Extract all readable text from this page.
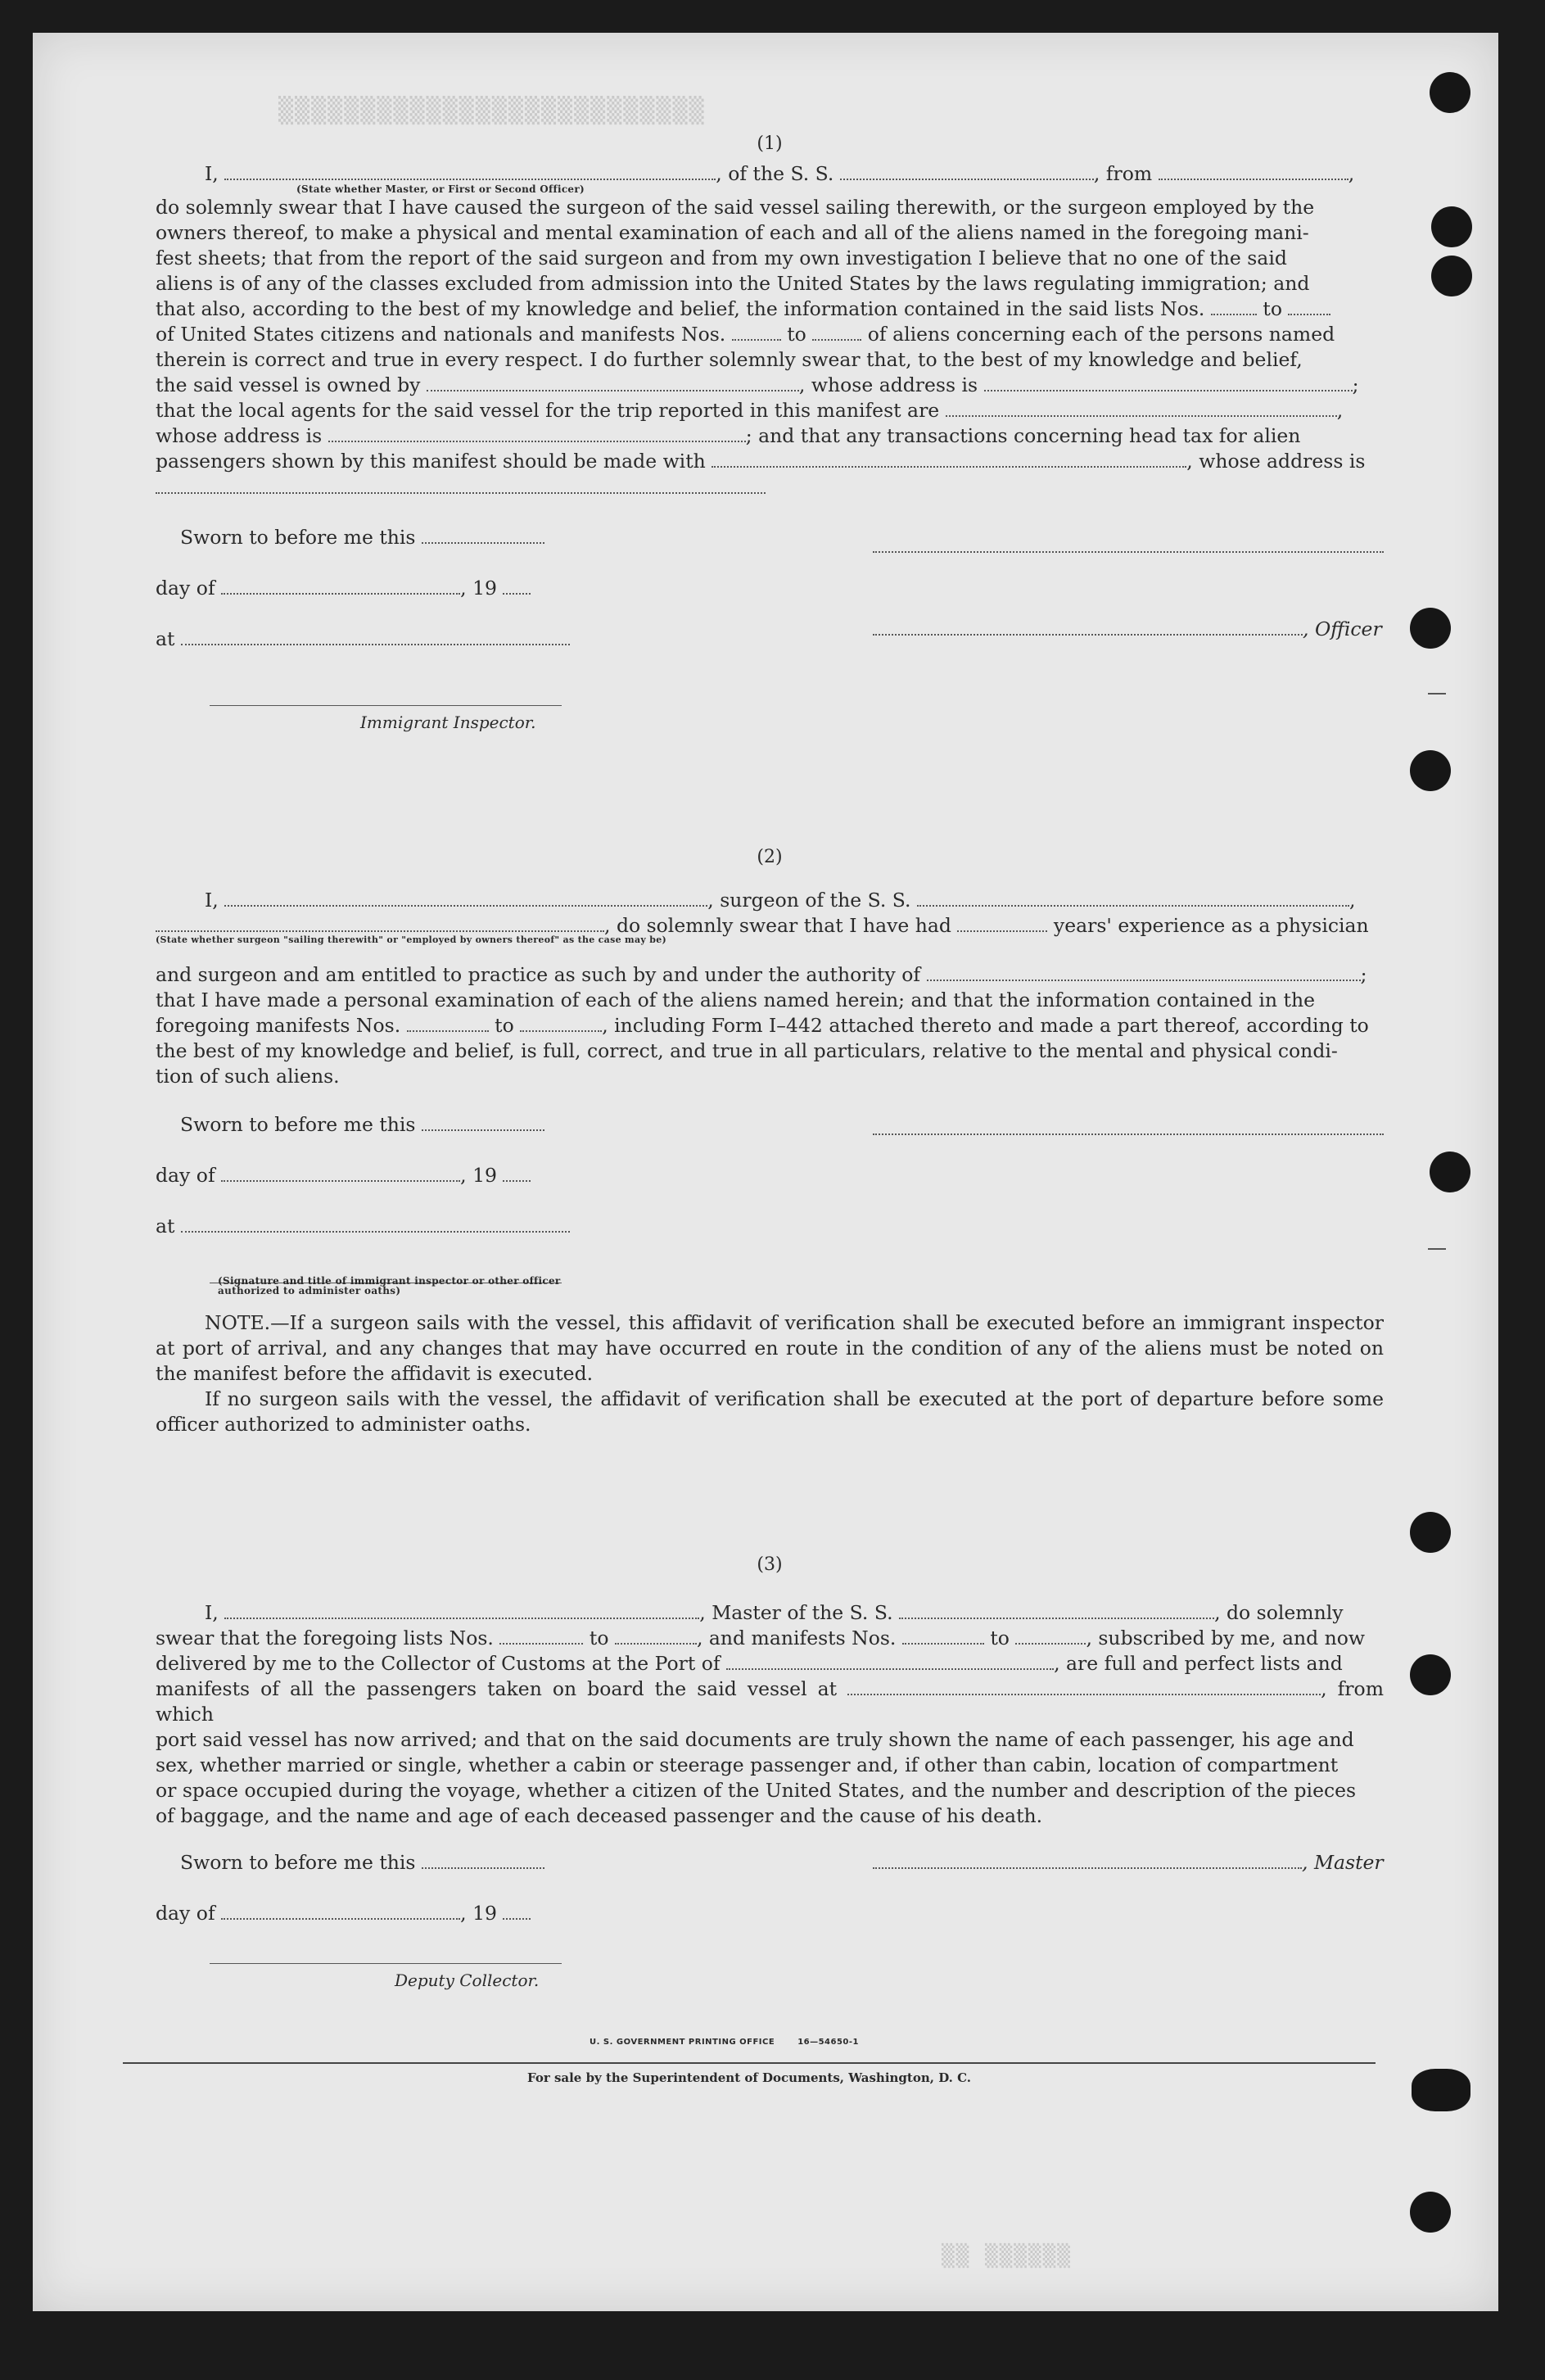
▒▒▒▒▒▒▒▒▒▒▒▒▒▒▒▒▒▒▒▒▒▒▒▒▒▒

(1)

I,	, of the S. S.	, from	,
(State whether Master, or First or Second Officer)

do solemnly swear that I have caused the surgeon of the said vessel sailing therewith, or the surgeon employed by the

owners thereof, to make a physical and mental examination of each and all of the aliens named in the foregoing mani-

fest sheets; that from the report of the said surgeon and from my own investigation I believe that no one of the said

aliens is of any of the classes excluded from admission into the United States by the laws regulating immigration; and

that also, according to the best of my knowledge and belief, the information contained in the said lists Nos.	to

of United States citizens and nationals and manifests Nos.	to	of aliens concerning each of the persons named

therein is correct and true in every respect. I do further solemnly swear that, to the best of my knowledge and belief,

the said vessel is owned by	, whose address is	;

that the local agents for the said vessel for the trip reported in this manifest are	,

whose address is	; and that any transactions concerning head tax for alien

passengers shown by this manifest should be made with	, whose address is

Sworn to before me this
day of	, 19
at
Immigrant Inspector.
, Officer

(2)

I,	, surgeon of the S. S.	,
, do solemnly swear that I have had	years' experience as a physician
(State whether surgeon "sailing therewith" or "employed by owners thereof" as the case may be)

and surgeon and am entitled to practice as such by and under the authority of	;

that I have made a personal examination of each of the aliens named herein; and that the information contained in the

foregoing manifests Nos.	to	, including Form I–442 attached thereto and made a part thereof, according to

the best of my knowledge and belief, is full, correct, and true in all particulars, relative to the mental and physical condi-

tion of such aliens.

Sworn to before me this
day of	, 19
at
(Signature and title of immigrant inspector or other officer authorized to administer oaths)

NOTE.—If a surgeon sails with the vessel, this affidavit of verification shall be executed before an immigrant inspector at port of arrival, and any changes that may have occurred en route in the condition of any of the aliens must be noted on the manifest before the affidavit is executed.

If no surgeon sails with the vessel, the affidavit of verification shall be executed at the port of departure before some officer authorized to administer oaths.

(3)

I,	, Master of the S. S.	, do solemnly

swear that the foregoing lists Nos.	to	, and manifests Nos.	to	, subscribed by me, and now

delivered by me to the Collector of Customs at the Port of	, are full and perfect lists and

manifests of all the passengers taken on board the said vessel at	, from which

port said vessel has now arrived; and that on the said documents are truly shown the name of each passenger, his age and

sex, whether married or single, whether a cabin or steerage passenger and, if other than cabin, location of compartment

or space occupied during the voyage, whether a citizen of the United States, and the number and description of the pieces

of baggage, and the name and age of each deceased passenger and the cause of his death.

Sworn to before me this	, Master
day of	, 19
Deputy Collector.
U. S. GOVERNMENT PRINTING OFFICE	16—54650-1
For sale by the Superintendent of Documents, Washington, D. C.
▒▒ ▒▒▒▒▒▒
